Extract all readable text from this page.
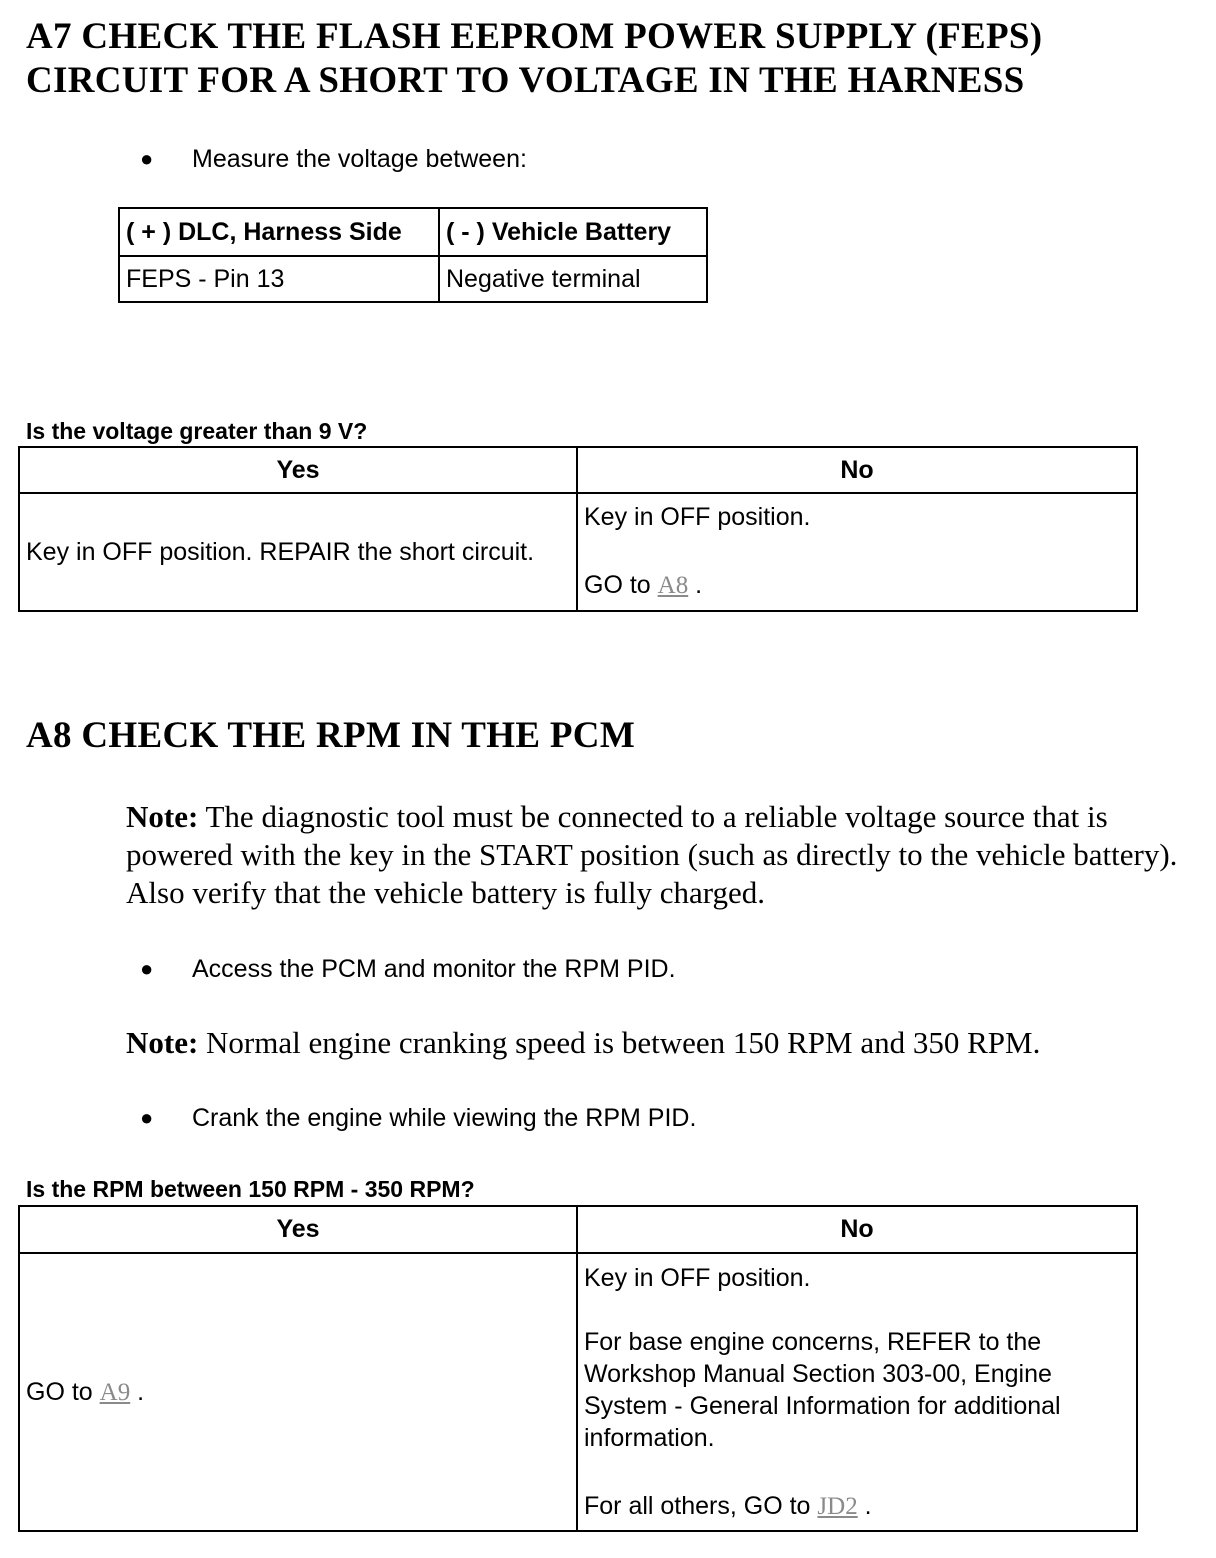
A7 CHECK THE FLASH EEPROM POWER SUPPLY (FEPS)
CIRCUIT FOR A SHORT TO VOLTAGE IN THE HARNESS
● Measure the voltage between:
( + ) DLC, Harness Side	( - ) Vehicle Battery
FEPS - Pin 13	Negative terminal
Is the voltage greater than 9 V?
Yes	No
Key in OFF position. REPAIR the short circuit.	Key in OFF position.
GO to A8 .
A8 CHECK THE RPM IN THE PCM

Note: The diagnostic tool must be connected to a reliable voltage source that is powered with the key in the START position (such as directly to the vehicle battery). Also verify that the vehicle battery is fully charged.

● Access the PCM and monitor the RPM PID.

Note: Normal engine cranking speed is between 150 RPM and 350 RPM.

● Crank the engine while viewing the RPM PID.
Is the RPM between 150 RPM - 350 RPM?
Yes	No
GO to A9 .	Key in OFF position.
For base engine concerns, REFER to the Workshop Manual Section 303-00, Engine System - General Information for additional information.
For all others, GO to JD2 .
